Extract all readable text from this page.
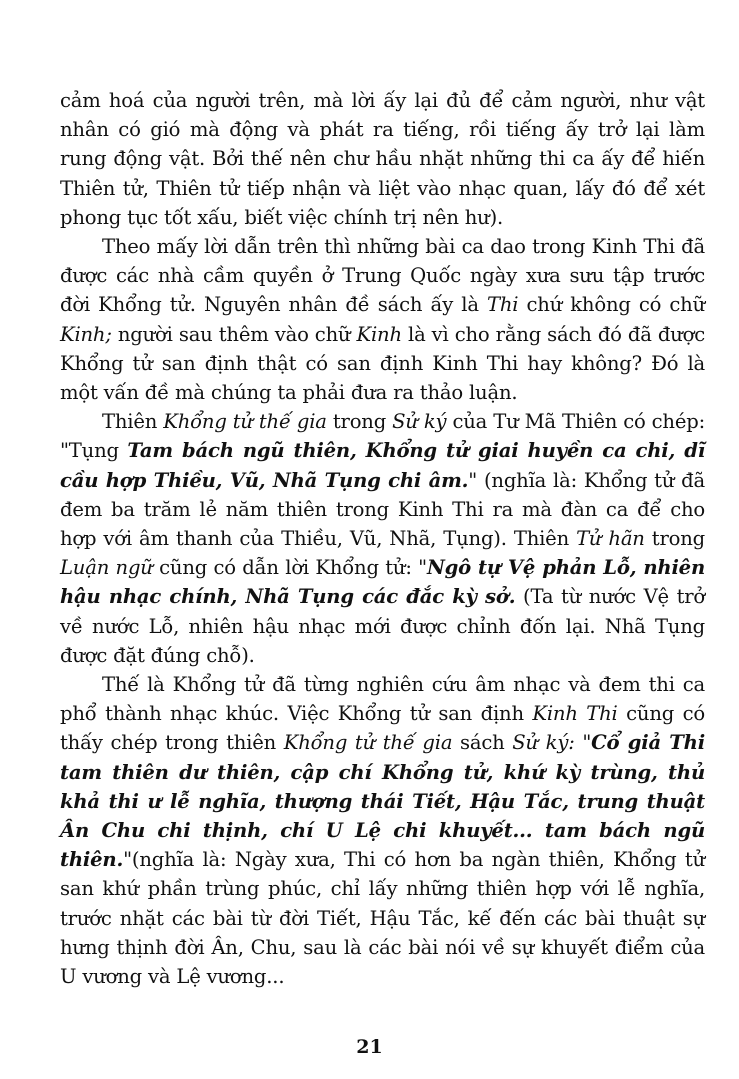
cảm hoá của người trên, mà lời ấy lại đủ để cảm người, như vật nhân có gió mà động và phát ra tiếng, rồi tiếng ấy trở lại làm rung động vật. Bởi thế nên chư hầu nhặt những thi ca ấy để hiến Thiên tử, Thiên tử tiếp nhận và liệt vào nhạc quan, lấy đó để xét phong tục tốt xấu, biết việc chính trị nên hư).

Theo mấy lời dẫn trên thì những bài ca dao trong Kinh Thi đã được các nhà cầm quyền ở Trung Quốc ngày xưa sưu tập trước đời Khổng tử. Nguyên nhân đề sách ấy là Thi chứ không có chữ Kinh; người sau thêm vào chữ Kinh là vì cho rằng sách đó đã được Khổng tử san định thật có san định Kinh Thi hay không? Đó là một vấn đề mà chúng ta phải đưa ra thảo luận.

Thiên Khổng tử thế gia trong Sử ký của Tư Mã Thiên có chép: "Tụng Tam bách ngũ thiên, Khổng tử giai huyền ca chi, dĩ cầu hợp Thiều, Vũ, Nhã Tụng chi âm." (nghĩa là: Khổng tử đã đem ba trăm lẻ năm thiên trong Kinh Thi ra mà đàn ca để cho hợp với âm thanh của Thiều, Vũ, Nhã, Tụng). Thiên Tử hãn trong Luận ngữ cũng có dẫn lời Khổng tử: "Ngô tự Vệ phản Lỗ, nhiên hậu nhạc chính, Nhã Tụng các đắc kỳ sở. (Ta từ nước Vệ trở về nước Lỗ, nhiên hậu nhạc mới được chỉnh đốn lại. Nhã Tụng được đặt đúng chỗ).

Thế là Khổng tử đã từng nghiên cứu âm nhạc và đem thi ca phổ thành nhạc khúc. Việc Khổng tử san định Kinh Thi cũng có thấy chép trong thiên Khổng tử thế gia sách Sử ký: "Cổ giả Thi tam thiên dư thiên, cập chí Khổng tử, khứ kỳ trùng, thủ khả thi ư lễ nghĩa, thượng thái Tiết, Hậu Tắc, trung thuật Ân Chu chi thịnh, chí U Lệ chi khuyết... tam bách ngũ thiên."(nghĩa là: Ngày xưa, Thi có hơn ba ngàn thiên, Khổng tử san khứ phần trùng phúc, chỉ lấy những thiên hợp với lễ nghĩa, trước nhặt các bài từ đời Tiết, Hậu Tắc, kế đến các bài thuật sự hưng thịnh đời Ân, Chu, sau là các bài nói về sự khuyết điểm của U vương và Lệ vương...

21
